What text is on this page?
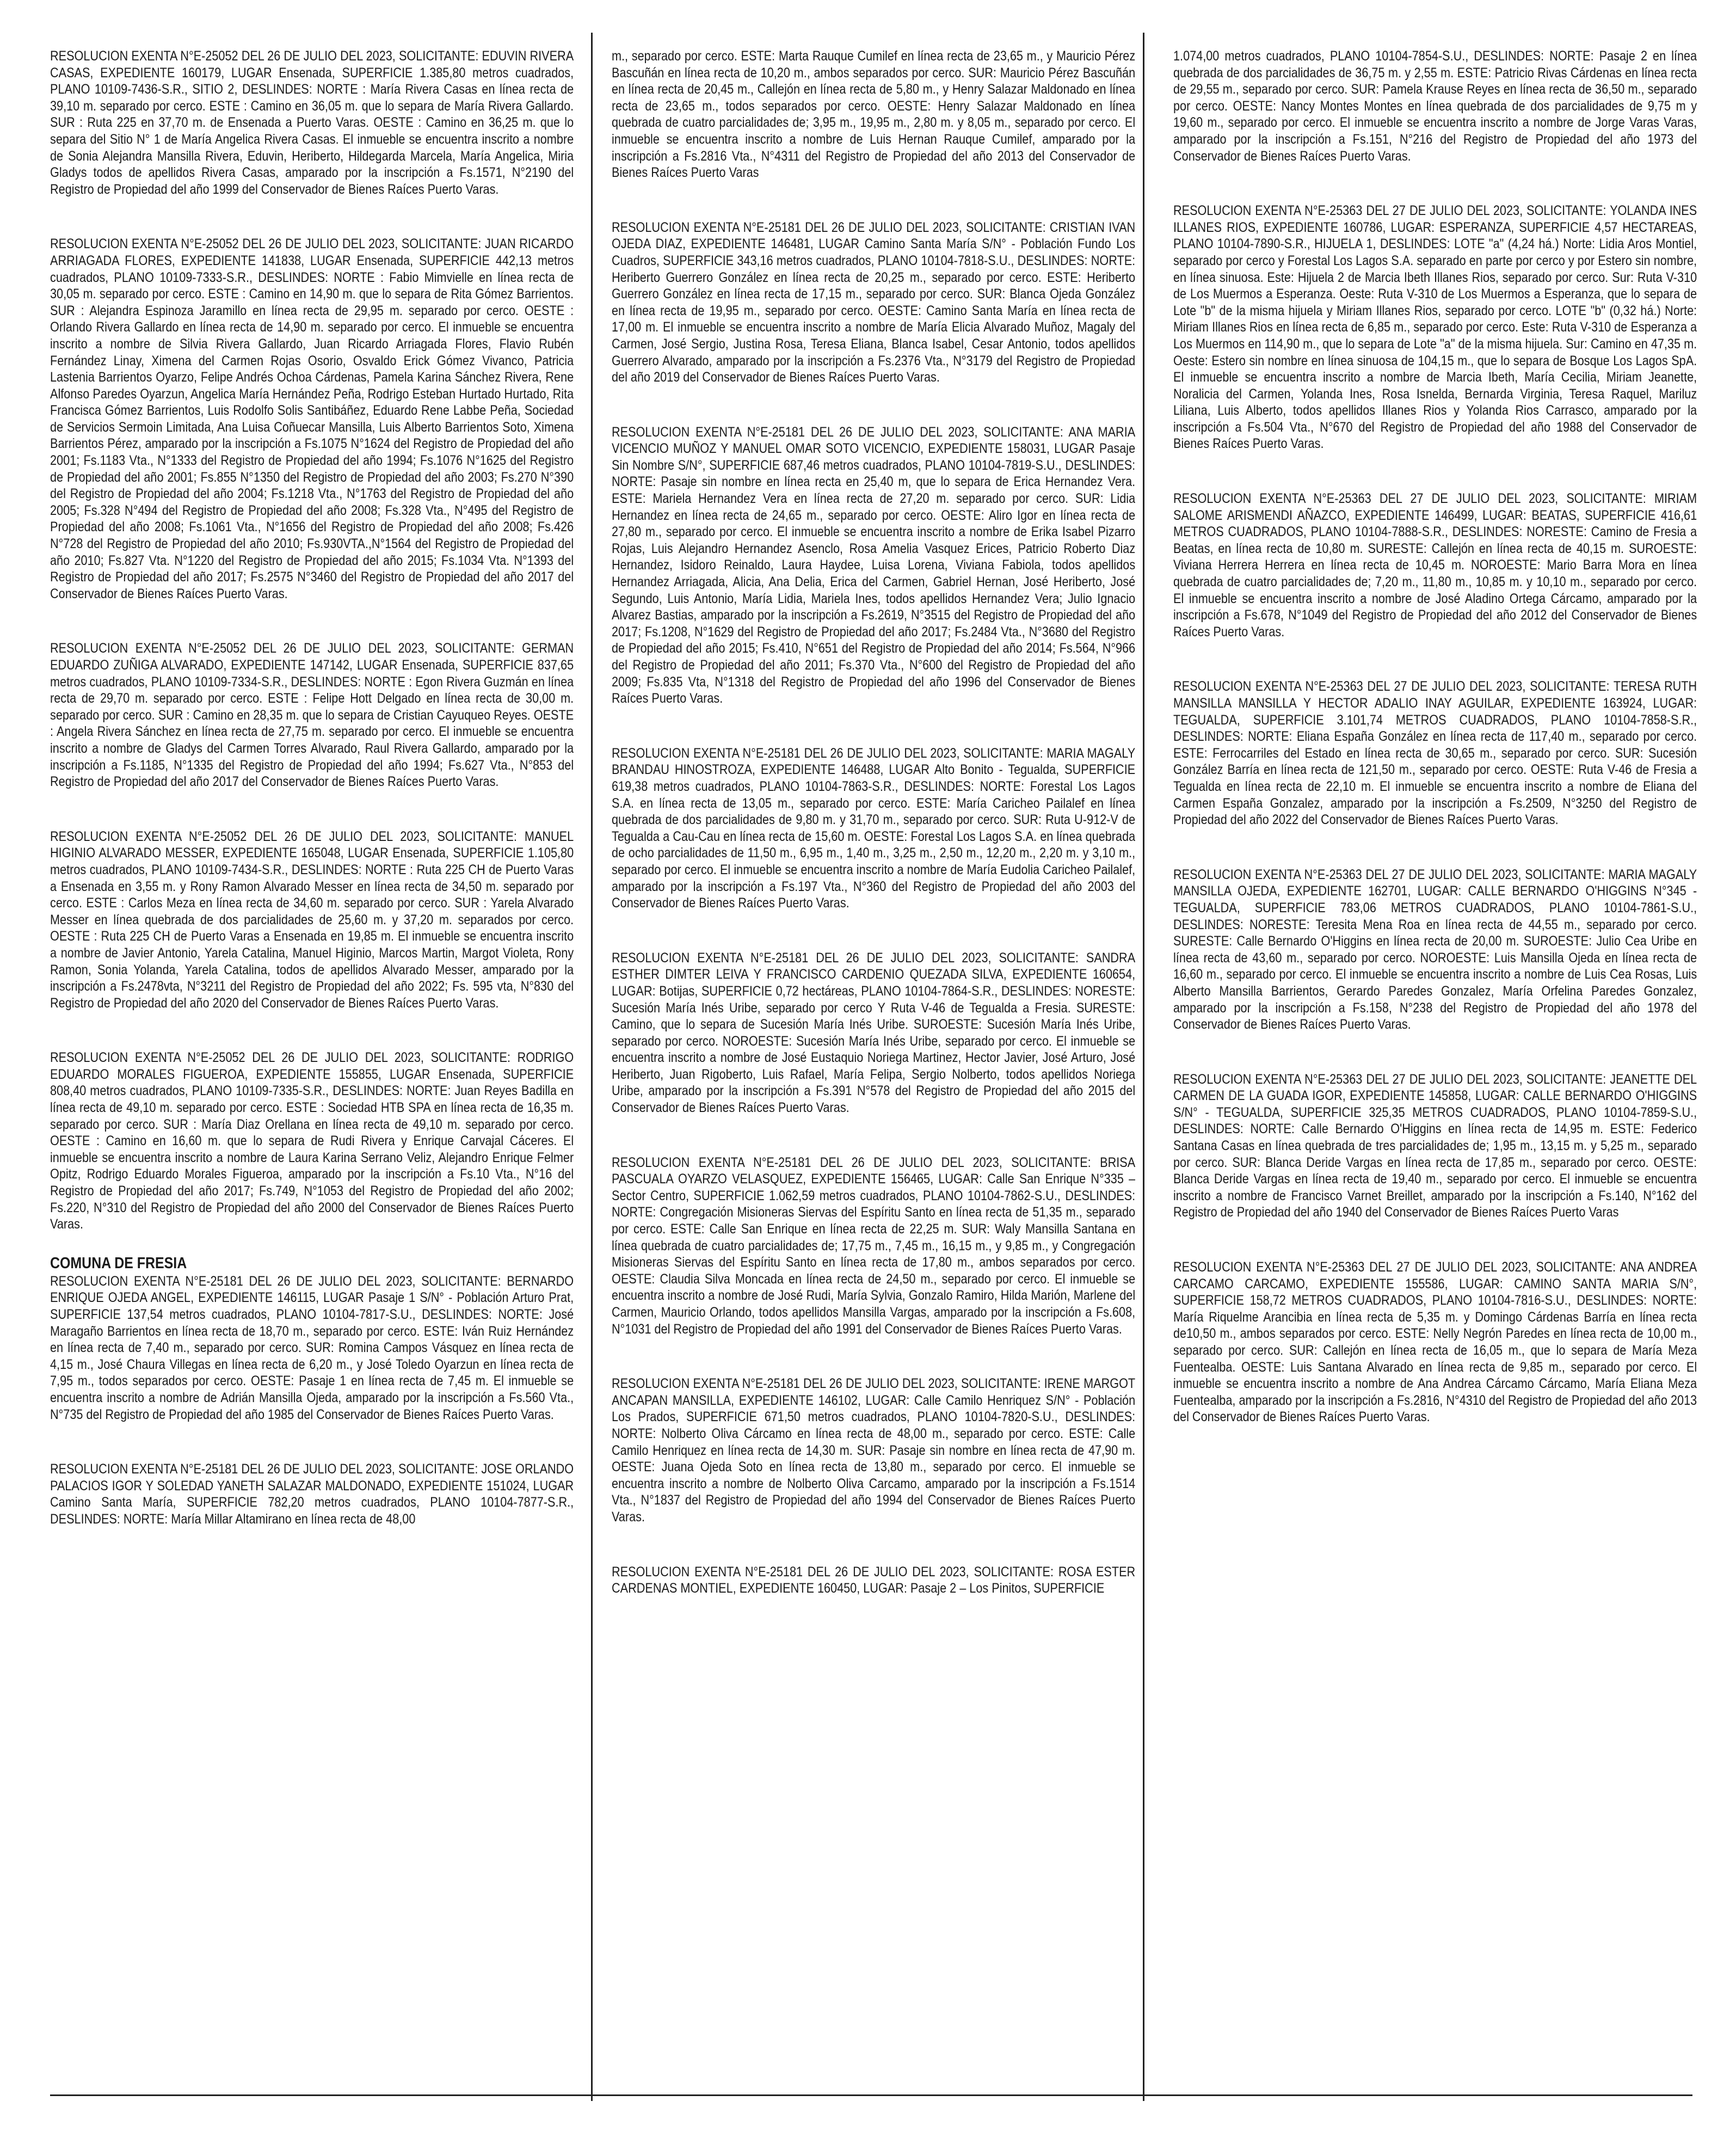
RESOLUCION EXENTA N°E-25052 DEL 26 DE JULIO DEL 2023, SOLICITANTE: EDUVIN RIVERA CASAS, EXPEDIENTE 160179, LUGAR Ensenada, SUPERFICIE 1.385,80 metros cuadrados, PLANO 10109-7436-S.R., SITIO 2, DESLINDES: NORTE : María Rivera Casas en línea recta de 39,10 m. separado por cerco. ESTE : Camino en 36,05 m. que lo separa de María Rivera Gallardo. SUR : Ruta 225 en 37,70 m. de Ensenada a Puerto Varas. OESTE : Camino en 36,25 m. que lo separa del Sitio N° 1 de María Angelica Rivera Casas. El inmueble se encuentra inscrito a nombre de Sonia Alejandra Mansilla Rivera, Eduvin, Heriberto, Hildegarda Marcela, María Angelica, Miria Gladys todos de apellidos Rivera Casas, amparado por la inscripción a Fs.1571, N°2190 del Registro de Propiedad del año 1999 del Conservador de Bienes Raíces Puerto Varas.

RESOLUCION EXENTA N°E-25052 DEL 26 DE JULIO DEL 2023, SOLICITANTE: JUAN RICARDO ARRIAGADA FLORES, EXPEDIENTE 141838, LUGAR Ensenada, SUPERFICIE 442,13 metros cuadrados, PLANO 10109-7333-S.R., DESLINDES: NORTE : Fabio Mimvielle en línea recta de 30,05 m. separado por cerco. ESTE : Camino en 14,90 m. que lo separa de Rita Gómez Barrientos. SUR : Alejandra Espinoza Jaramillo en línea recta de 29,95 m. separado por cerco. OESTE : Orlando Rivera Gallardo en línea recta de 14,90 m. separado por cerco. El inmueble se encuentra inscrito a nombre de Silvia Rivera Gallardo, Juan Ricardo Arriagada Flores, Flavio Rubén Fernández Linay, Ximena del Carmen Rojas Osorio, Osvaldo Erick Gómez Vivanco, Patricia Lastenia Barrientos Oyarzo, Felipe Andrés Ochoa Cárdenas, Pamela Karina Sánchez Rivera, Rene Alfonso Paredes Oyarzun, Angelica María Hernández Peña, Rodrigo Esteban Hurtado Hurtado, Rita Francisca Gómez Barrientos, Luis Rodolfo Solis Santibáñez, Eduardo Rene Labbe Peña, Sociedad de Servicios Sermoin Limitada, Ana Luisa Coñuecar Mansilla, Luis Alberto Barrientos Soto, Ximena Barrientos Pérez, amparado por la inscripción a Fs.1075 N°1624 del Registro de Propiedad del año 2001; Fs.1183 Vta., N°1333 del Registro de Propiedad del año 1994; Fs.1076 N°1625 del Registro de Propiedad del año 2001; Fs.855 N°1350 del Registro de Propiedad del año 2003; Fs.270 N°390 del Registro de Propiedad del año 2004; Fs.1218 Vta., N°1763 del Registro de Propiedad del año 2005; Fs.328 N°494 del Registro de Propiedad del año 2008; Fs.328 Vta., N°495 del Registro de Propiedad del año 2008; Fs.1061 Vta., N°1656 del Registro de Propiedad del año 2008; Fs.426 N°728 del Registro de Propiedad del año 2010; Fs.930VTA.,N°1564 del Registro de Propiedad del año 2010; Fs.827 Vta. N°1220 del Registro de Propiedad del año 2015; Fs.1034 Vta. N°1393 del Registro de Propiedad del año 2017; Fs.2575 N°3460 del Registro de Propiedad del año 2017 del Conservador de Bienes Raíces Puerto Varas.

RESOLUCION EXENTA N°E-25052 DEL 26 DE JULIO DEL 2023, SOLICITANTE: GERMAN EDUARDO ZUÑIGA ALVARADO, EXPEDIENTE 147142, LUGAR Ensenada, SUPERFICIE 837,65 metros cuadrados, PLANO 10109-7334-S.R., DESLINDES: NORTE : Egon Rivera Guzmán en línea recta de 29,70 m. separado por cerco. ESTE : Felipe Hott Delgado en línea recta de 30,00 m. separado por cerco. SUR : Camino en 28,35 m. que lo separa de Cristian Cayuqueo Reyes. OESTE : Angela Rivera Sánchez en línea recta de 27,75 m. separado por cerco. El inmueble se encuentra inscrito a nombre de Gladys del Carmen Torres Alvarado, Raul Rivera Gallardo, amparado por la inscripción a Fs.1185, N°1335 del Registro de Propiedad del año 1994; Fs.627 Vta., N°853 del Registro de Propiedad del año 2017 del Conservador de Bienes Raíces Puerto Varas.

RESOLUCION EXENTA N°E-25052 DEL 26 DE JULIO DEL 2023, SOLICITANTE: MANUEL HIGINIO ALVARADO MESSER, EXPEDIENTE 165048, LUGAR Ensenada, SUPERFICIE 1.105,80 metros cuadrados, PLANO 10109-7434-S.R., DESLINDES: NORTE : Ruta 225 CH de Puerto Varas a Ensenada en 3,55 m. y Rony Ramon Alvarado Messer en línea recta de 34,50 m. separado por cerco. ESTE : Carlos Meza en línea recta de 34,60 m. separado por cerco. SUR : Yarela Alvarado Messer en línea quebrada de dos parcialidades de 25,60 m. y 37,20 m. separados por cerco. OESTE : Ruta 225 CH de Puerto Varas a Ensenada en 19,85 m. El inmueble se encuentra inscrito a nombre de Javier Antonio, Yarela Catalina, Manuel Higinio, Marcos Martin, Margot Violeta, Rony Ramon, Sonia Yolanda, Yarela Catalina, todos de apellidos Alvarado Messer, amparado por la inscripción a Fs.2478vta, N°3211 del Registro de Propiedad del año 2022; Fs. 595 vta, N°830 del Registro de Propiedad del año 2020 del Conservador de Bienes Raíces Puerto Varas.

RESOLUCION EXENTA N°E-25052 DEL 26 DE JULIO DEL 2023, SOLICITANTE: RODRIGO EDUARDO MORALES FIGUEROA, EXPEDIENTE 155855, LUGAR Ensenada, SUPERFICIE 808,40 metros cuadrados, PLANO 10109-7335-S.R., DESLINDES: NORTE: Juan Reyes Badilla en línea recta de 49,10 m. separado por cerco. ESTE : Sociedad HTB SPA en línea recta de 16,35 m. separado por cerco. SUR : María Diaz Orellana en línea recta de 49,10 m. separado por cerco. OESTE : Camino en 16,60 m. que lo separa de Rudi Rivera y Enrique Carvajal Cáceres. El inmueble se encuentra inscrito a nombre de Laura Karina Serrano Veliz, Alejandro Enrique Felmer Opitz, Rodrigo Eduardo Morales Figueroa, amparado por la inscripción a Fs.10 Vta., N°16 del Registro de Propiedad del año 2017; Fs.749, N°1053 del Registro de Propiedad del año 2002; Fs.220, N°310 del Registro de Propiedad del año 2000 del Conservador de Bienes Raíces Puerto Varas.

COMUNA DE FRESIA

RESOLUCION EXENTA N°E-25181 DEL 26 DE JULIO DEL 2023, SOLICITANTE: BERNARDO ENRIQUE OJEDA ANGEL, EXPEDIENTE 146115, LUGAR Pasaje 1 S/N° - Población Arturo Prat, SUPERFICIE 137,54 metros cuadrados, PLANO 10104-7817-S.U., DESLINDES: NORTE: José Maragaño Barrientos en línea recta de 18,70 m., separado por cerco. ESTE: Iván Ruiz Hernández en línea recta de 7,40 m., separado por cerco. SUR: Romina Campos Vásquez en línea recta de 4,15 m., José Chaura Villegas en línea recta de 6,20 m., y José Toledo Oyarzun en línea recta de 7,95 m., todos separados por cerco. OESTE: Pasaje 1 en línea recta de 7,45 m. El inmueble se encuentra inscrito a nombre de Adrián Mansilla Ojeda, amparado por la inscripción a Fs.560 Vta., N°735 del Registro de Propiedad del año 1985 del Conservador de Bienes Raíces Puerto Varas.

RESOLUCION EXENTA N°E-25181 DEL 26 DE JULIO DEL 2023, SOLICITANTE: JOSE ORLANDO PALACIOS IGOR Y SOLEDAD YANETH SALAZAR MALDONADO, EXPEDIENTE 151024, LUGAR Camino Santa María, SUPERFICIE 782,20 metros cuadrados, PLANO 10104-7877-S.R., DESLINDES: NORTE: María Millar Altamirano en línea recta de 48,00

m., separado por cerco. ESTE: Marta Rauque Cumilef en línea recta de 23,65 m., y Mauricio Pérez Bascuñán en línea recta de 10,20 m., ambos separados por cerco. SUR: Mauricio Pérez Bascuñán en línea recta de 20,45 m., Callejón en línea recta de 5,80 m., y Henry Salazar Maldonado en línea recta de 23,65 m., todos separados por cerco. OESTE: Henry Salazar Maldonado en línea quebrada de cuatro parcialidades de; 3,95 m., 19,95 m., 2,80 m. y 8,05 m., separado por cerco. El inmueble se encuentra inscrito a nombre de Luis Hernan Rauque Cumilef, amparado por la inscripción a Fs.2816 Vta., N°4311 del Registro de Propiedad del año 2013 del Conservador de Bienes Raíces Puerto Varas

RESOLUCION EXENTA N°E-25181 DEL 26 DE JULIO DEL 2023, SOLICITANTE: CRISTIAN IVAN OJEDA DIAZ, EXPEDIENTE 146481, LUGAR Camino Santa María S/N° - Población Fundo Los Cuadros, SUPERFICIE 343,16 metros cuadrados, PLANO 10104-7818-S.U., DESLINDES: NORTE: Heriberto Guerrero González en línea recta de 20,25 m., separado por cerco. ESTE: Heriberto Guerrero González en línea recta de 17,15 m., separado por cerco. SUR: Blanca Ojeda González en línea recta de 19,95 m., separado por cerco. OESTE: Camino Santa María en línea recta de 17,00 m. El inmueble se encuentra inscrito a nombre de María Elicia Alvarado Muñoz, Magaly del Carmen, José Sergio, Justina Rosa, Teresa Eliana, Blanca Isabel, Cesar Antonio, todos apellidos Guerrero Alvarado, amparado por la inscripción a Fs.2376 Vta., N°3179 del Registro de Propiedad del año 2019 del Conservador de Bienes Raíces Puerto Varas.

RESOLUCION EXENTA N°E-25181 DEL 26 DE JULIO DEL 2023, SOLICITANTE: ANA MARIA VICENCIO MUÑOZ Y MANUEL OMAR SOTO VICENCIO, EXPEDIENTE 158031, LUGAR Pasaje Sin Nombre S/N°, SUPERFICIE 687,46 metros cuadrados, PLANO 10104-7819-S.U., DESLINDES: NORTE: Pasaje sin nombre en línea recta en 25,40 m, que lo separa de Erica Hernandez Vera. ESTE: Mariela Hernandez Vera en línea recta de 27,20 m. separado por cerco. SUR: Lidia Hernandez en línea recta de 24,65 m., separado por cerco. OESTE: Aliro Igor en línea recta de 27,80 m., separado por cerco. El inmueble se encuentra inscrito a nombre de Erika Isabel Pizarro Rojas, Luis Alejandro Hernandez Asenclo, Rosa Amelia Vasquez Erices, Patricio Roberto Diaz Hernandez, Isidoro Reinaldo, Laura Haydee, Luisa Lorena, Viviana Fabiola, todos apellidos Hernandez Arriagada, Alicia, Ana Delia, Erica del Carmen, Gabriel Hernan, José Heriberto, José Segundo, Luis Antonio, María Lidia, Mariela Ines, todos apellidos Hernandez Vera; Julio Ignacio Alvarez Bastias, amparado por la inscripción a Fs.2619, N°3515 del Registro de Propiedad del año 2017; Fs.1208, N°1629 del Registro de Propiedad del año 2017; Fs.2484 Vta., N°3680 del Registro de Propiedad del año 2015; Fs.410, N°651 del Registro de Propiedad del año 2014; Fs.564, N°966 del Registro de Propiedad del año 2011; Fs.370 Vta., N°600 del Registro de Propiedad del año 2009; Fs.835 Vta, N°1318 del Registro de Propiedad del año 1996 del Conservador de Bienes Raíces Puerto Varas.

RESOLUCION EXENTA N°E-25181 DEL 26 DE JULIO DEL 2023, SOLICITANTE: MARIA MAGALY BRANDAU HINOSTROZA, EXPEDIENTE 146488, LUGAR Alto Bonito - Tegualda, SUPERFICIE 619,38 metros cuadrados, PLANO 10104-7863-S.R., DESLINDES: NORTE: Forestal Los Lagos S.A. en línea recta de 13,05 m., separado por cerco. ESTE: María Caricheo Pailalef en línea quebrada de dos parcialidades de 9,80 m. y 31,70 m., separado por cerco. SUR: Ruta U-912-V de Tegualda a Cau-Cau en línea recta de 15,60 m. OESTE: Forestal Los Lagos S.A. en línea quebrada de ocho parcialidades de 11,50 m., 6,95 m., 1,40 m., 3,25 m., 2,50 m., 12,20 m., 2,20 m. y 3,10 m., separado por cerco. El inmueble se encuentra inscrito a nombre de María Eudolia Caricheo Pailalef, amparado por la inscripción a Fs.197 Vta., N°360 del Registro de Propiedad del año 2003 del Conservador de Bienes Raíces Puerto Varas.

RESOLUCION EXENTA N°E-25181 DEL 26 DE JULIO DEL 2023, SOLICITANTE: SANDRA ESTHER DIMTER LEIVA Y FRANCISCO CARDENIO QUEZADA SILVA, EXPEDIENTE 160654, LUGAR: Botijas, SUPERFICIE 0,72 hectáreas, PLANO 10104-7864-S.R., DESLINDES: NORESTE: Sucesión María Inés Uribe, separado por cerco Y Ruta V-46 de Tegualda a Fresia. SURESTE: Camino, que lo separa de Sucesión María Inés Uribe. SUROESTE: Sucesión María Inés Uribe, separado por cerco. NOROESTE: Sucesión María Inés Uribe, separado por cerco. El inmueble se encuentra inscrito a nombre de José Eustaquio Noriega Martinez, Hector Javier, José Arturo, José Heriberto, Juan Rigoberto, Luis Rafael, María Felipa, Sergio Nolberto, todos apellidos Noriega Uribe, amparado por la inscripción a Fs.391 N°578 del Registro de Propiedad del año 2015 del Conservador de Bienes Raíces Puerto Varas.

RESOLUCION EXENTA N°E-25181 DEL 26 DE JULIO DEL 2023, SOLICITANTE: BRISA PASCUALA OYARZO VELASQUEZ, EXPEDIENTE 156465, LUGAR: Calle San Enrique N°335 – Sector Centro, SUPERFICIE 1.062,59 metros cuadrados, PLANO 10104-7862-S.U., DESLINDES: NORTE: Congregación Misioneras Siervas del Espíritu Santo en línea recta de 51,35 m., separado por cerco. ESTE: Calle San Enrique en línea recta de 22,25 m. SUR: Waly Mansilla Santana en línea quebrada de cuatro parcialidades de; 17,75 m., 7,45 m., 16,15 m., y 9,85 m., y Congregación Misioneras Siervas del Espíritu Santo en línea recta de 17,80 m., ambos separados por cerco. OESTE: Claudia Silva Moncada en línea recta de 24,50 m., separado por cerco. El inmueble se encuentra inscrito a nombre de José Rudi, María Sylvia, Gonzalo Ramiro, Hilda Marión, Marlene del Carmen, Mauricio Orlando, todos apellidos Mansilla Vargas, amparado por la inscripción a Fs.608, N°1031 del Registro de Propiedad del año 1991 del Conservador de Bienes Raíces Puerto Varas.

RESOLUCION EXENTA N°E-25181 DEL 26 DE JULIO DEL 2023, SOLICITANTE: IRENE MARGOT ANCAPAN MANSILLA, EXPEDIENTE 146102, LUGAR: Calle Camilo Henriquez S/N° - Población Los Prados, SUPERFICIE 671,50 metros cuadrados, PLANO 10104-7820-S.U., DESLINDES: NORTE: Nolberto Oliva Cárcamo en línea recta de 48,00 m., separado por cerco. ESTE: Calle Camilo Henriquez en línea recta de 14,30 m. SUR: Pasaje sin nombre en línea recta de 47,90 m. OESTE: Juana Ojeda Soto en línea recta de 13,80 m., separado por cerco. El inmueble se encuentra inscrito a nombre de Nolberto Oliva Carcamo, amparado por la inscripción a Fs.1514 Vta., N°1837 del Registro de Propiedad del año 1994 del Conservador de Bienes Raíces Puerto Varas.

RESOLUCION EXENTA N°E-25181 DEL 26 DE JULIO DEL 2023, SOLICITANTE: ROSA ESTER CARDENAS MONTIEL, EXPEDIENTE 160450, LUGAR: Pasaje 2 – Los Pinitos, SUPERFICIE

1.074,00 metros cuadrados, PLANO 10104-7854-S.U., DESLINDES: NORTE: Pasaje 2 en línea quebrada de dos parcialidades de 36,75 m. y 2,55 m. ESTE: Patricio Rivas Cárdenas en línea recta de 29,55 m., separado por cerco. SUR: Pamela Krause Reyes en línea recta de 36,50 m., separado por cerco. OESTE: Nancy Montes Montes en línea quebrada de dos parcialidades de 9,75 m y 19,60 m., separado por cerco. El inmueble se encuentra inscrito a nombre de Jorge Varas Varas, amparado por la inscripción a Fs.151, N°216 del Registro de Propiedad del año 1973 del Conservador de Bienes Raíces Puerto Varas.

RESOLUCION EXENTA N°E-25363 DEL 27 DE JULIO DEL 2023, SOLICITANTE: YOLANDA INES ILLANES RIOS, EXPEDIENTE 160786, LUGAR: ESPERANZA, SUPERFICIE 4,57 HECTAREAS, PLANO 10104-7890-S.R., HIJUELA 1, DESLINDES: LOTE "a" (4,24 há.) Norte: Lidia Aros Montiel, separado por cerco y Forestal Los Lagos S.A. separado en parte por cerco y por Estero sin nombre, en línea sinuosa. Este: Hijuela 2 de Marcia Ibeth Illanes Rios, separado por cerco. Sur: Ruta V-310 de Los Muermos a Esperanza. Oeste: Ruta V-310 de Los Muermos a Esperanza, que lo separa de Lote "b" de la misma hijuela y Miriam Illanes Rios, separado por cerco. LOTE "b" (0,32 há.) Norte: Miriam Illanes Rios en línea recta de 6,85 m., separado por cerco. Este: Ruta V-310 de Esperanza a Los Muermos en 114,90 m., que lo separa de Lote "a" de la misma hijuela. Sur: Camino en 47,35 m. Oeste: Estero sin nombre en línea sinuosa de 104,15 m., que lo separa de Bosque Los Lagos SpA. El inmueble se encuentra inscrito a nombre de Marcia Ibeth, María Cecilia, Miriam Jeanette, Noralicia del Carmen, Yolanda Ines, Rosa Isnelda, Bernarda Virginia, Teresa Raquel, Mariluz Liliana, Luis Alberto, todos apellidos Illanes Rios y Yolanda Rios Carrasco, amparado por la inscripción a Fs.504 Vta., N°670 del Registro de Propiedad del año 1988 del Conservador de Bienes Raíces Puerto Varas.

RESOLUCION EXENTA N°E-25363 DEL 27 DE JULIO DEL 2023, SOLICITANTE: MIRIAM SALOME ARISMENDI AÑAZCO, EXPEDIENTE 146499, LUGAR: BEATAS, SUPERFICIE 416,61 METROS CUADRADOS, PLANO 10104-7888-S.R., DESLINDES: NORESTE: Camino de Fresia a Beatas, en línea recta de 10,80 m. SURESTE: Callejón en línea recta de 40,15 m. SUROESTE: Viviana Herrera Herrera en línea recta de 10,45 m. NOROESTE: Mario Barra Mora en línea quebrada de cuatro parcialidades de; 7,20 m., 11,80 m., 10,85 m. y 10,10 m., separado por cerco. El inmueble se encuentra inscrito a nombre de José Aladino Ortega Cárcamo, amparado por la inscripción a Fs.678, N°1049 del Registro de Propiedad del año 2012 del Conservador de Bienes Raíces Puerto Varas.

RESOLUCION EXENTA N°E-25363 DEL 27 DE JULIO DEL 2023, SOLICITANTE: TERESA RUTH MANSILLA MANSILLA Y HECTOR ADALIO INAY AGUILAR, EXPEDIENTE 163924, LUGAR: TEGUALDA, SUPERFICIE 3.101,74 METROS CUADRADOS, PLANO 10104-7858-S.R., DESLINDES: NORTE: Eliana España González en línea recta de 117,40 m., separado por cerco. ESTE: Ferrocarriles del Estado en línea recta de 30,65 m., separado por cerco. SUR: Sucesión González Barría en línea recta de 121,50 m., separado por cerco. OESTE: Ruta V-46 de Fresia a Tegualda en línea recta de 22,10 m. El inmueble se encuentra inscrito a nombre de Eliana del Carmen España Gonzalez, amparado por la inscripción a Fs.2509, N°3250 del Registro de Propiedad del año 2022 del Conservador de Bienes Raíces Puerto Varas.

RESOLUCION EXENTA N°E-25363 DEL 27 DE JULIO DEL 2023, SOLICITANTE: MARIA MAGALY MANSILLA OJEDA, EXPEDIENTE 162701, LUGAR: CALLE BERNARDO O'HIGGINS N°345 - TEGUALDA, SUPERFICIE 783,06 METROS CUADRADOS, PLANO 10104-7861-S.U., DESLINDES: NORESTE: Teresita Mena Roa en línea recta de 44,55 m., separado por cerco. SURESTE: Calle Bernardo O'Higgins en línea recta de 20,00 m. SUROESTE: Julio Cea Uribe en línea recta de 43,60 m., separado por cerco. NOROESTE: Luis Mansilla Ojeda en línea recta de 16,60 m., separado por cerco. El inmueble se encuentra inscrito a nombre de Luis Cea Rosas, Luis Alberto Mansilla Barrientos, Gerardo Paredes Gonzalez, María Orfelina Paredes Gonzalez, amparado por la inscripción a Fs.158, N°238 del Registro de Propiedad del año 1978 del Conservador de Bienes Raíces Puerto Varas.

RESOLUCION EXENTA N°E-25363 DEL 27 DE JULIO DEL 2023, SOLICITANTE: JEANETTE DEL CARMEN DE LA GUADA IGOR, EXPEDIENTE 145858, LUGAR: CALLE BERNARDO O'HIGGINS S/N° - TEGUALDA, SUPERFICIE 325,35 METROS CUADRADOS, PLANO 10104-7859-S.U., DESLINDES: NORTE: Calle Bernardo O'Higgins en línea recta de 14,95 m. ESTE: Federico Santana Casas en línea quebrada de tres parcialidades de; 1,95 m., 13,15 m. y 5,25 m., separado por cerco. SUR: Blanca Deride Vargas en línea recta de 17,85 m., separado por cerco. OESTE: Blanca Deride Vargas en línea recta de 19,40 m., separado por cerco. El inmueble se encuentra inscrito a nombre de Francisco Varnet Breillet, amparado por la inscripción a Fs.140, N°162 del Registro de Propiedad del año 1940 del Conservador de Bienes Raíces Puerto Varas

RESOLUCION EXENTA N°E-25363 DEL 27 DE JULIO DEL 2023, SOLICITANTE: ANA ANDREA CARCAMO CARCAMO, EXPEDIENTE 155586, LUGAR: CAMINO SANTA MARIA S/N°, SUPERFICIE 158,72 METROS CUADRADOS, PLANO 10104-7816-S.U., DESLINDES: NORTE: María Riquelme Arancibia en línea recta de 5,35 m. y Domingo Cárdenas Barría en línea recta de10,50 m., ambos separados por cerco. ESTE: Nelly Negrón Paredes en línea recta de 10,00 m., separado por cerco. SUR: Callejón en línea recta de 16,05 m., que lo separa de María Meza Fuentealba. OESTE: Luis Santana Alvarado en línea recta de 9,85 m., separado por cerco. El inmueble se encuentra inscrito a nombre de Ana Andrea Cárcamo Cárcamo, María Eliana Meza Fuentealba, amparado por la inscripción a Fs.2816, N°4310 del Registro de Propiedad del año 2013 del Conservador de Bienes Raíces Puerto Varas.
